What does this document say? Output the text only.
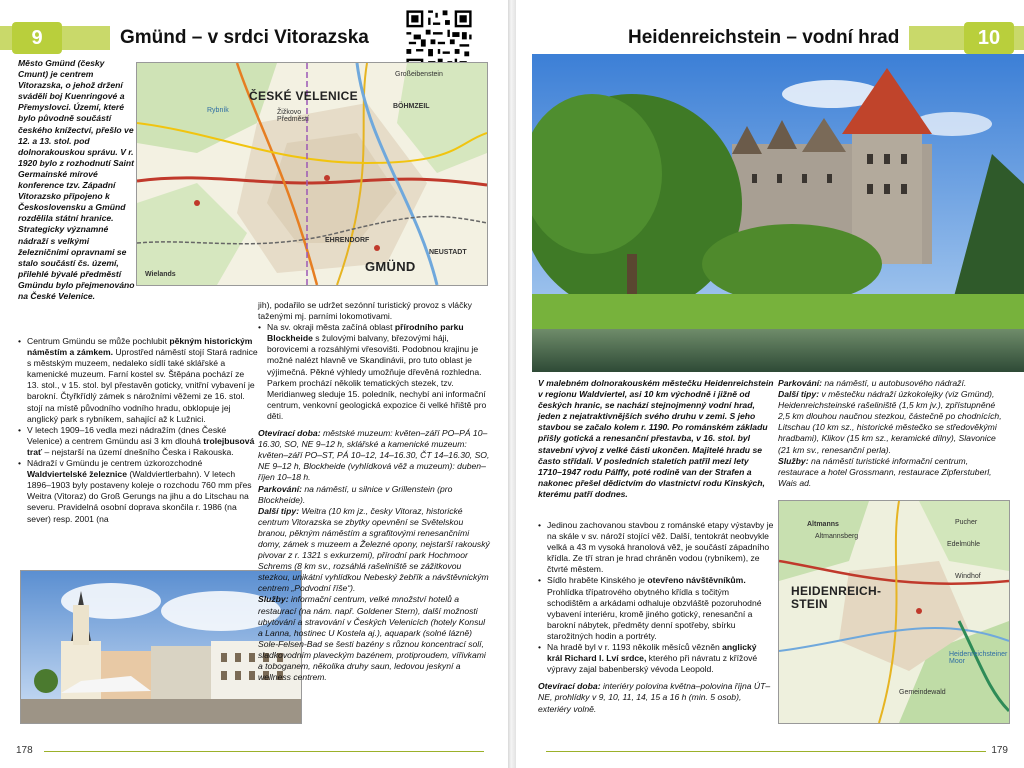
9	Gmünd – v srdci Vitorazska

Město Gmünd (česky Cmunt) je centrem Vitorazska, o jehož držení sváděli boj Kuenringové a Přemyslovci. Území, které bylo původně součástí českého knížectví, přešlo ve 12. a 13. stol. pod dolnorakouskou správu. V r. 1920 bylo z rozhodnutí Saint Germainské mírové konference tzv. Západní Vitorazsko připojeno k Československu a Gmünd rozdělila státní hranice. Strategicky významné nádraží s velkými železničními opravnami se stalo součástí čs. území, přilehlé bývalé předměstí Gmündu bylo přejmenováno na České Velenice.

ČESKÉ VELENICE
GMÜND
Žižkovo Předměstí
Großeibenstein
BÖHMZEIL
EHRENDORF
NEUSTADT
Wielands
Rybník

• Centrum Gmündu se může pochlubit pěkným historickým náměstím a zámkem. Uprostřed náměstí stojí Stará radnice s městským muzeem, nedaleko sídlí také sklářské a kamenické muzeum. Farní kostel sv. Štěpána pochází ze 13. stol., v 15. stol. byl přestavěn goticky, vnitřní vybavení je barokní. Čtyřkřídlý zámek s nárožními věžemi ze 16. stol. stojí na místě původního vodního hradu, obklopuje jej anglický park s rybníkem, sahající až k Lužnici.

• V letech 1909–16 vedla mezi nádražím (dnes České Velenice) a centrem Gmündu asi 3 km dlouhá trolejbusová trať – nejstarší na území dnešního Česka i Rakouska.

• Nádraží v Gmündu je centrem úzkorozchodné Waldviertelské železnice (Waldviertlerbahn). V letech 1896–1903 byly postaveny koleje o rozchodu 760 mm přes Weitra (Vitoraz) do Groß Gerungs na jihu a do Litschau na severu. Pravidelná osobní doprava skončila r. 1986 (na sever) resp. 2001 (na

jih), podařilo se udržet sezónní turistický provoz s vláčky taženými mj. parními lokomotivami.

• Na sv. okraji města začíná oblast přírodního parku Blockheide s žulovými balvany, březovými háji, borovicemi a rozsáhlými vřesovišti. Podobnou krajinu je možné nalézt hlavně ve Skandinávii, pro tuto oblast je výjimečná. Pěkné výhledy umožňuje dřevěná rozhledna. Parkem prochází několik tematických stezek, tzv. Meridianweg sleduje 15. poledník, nechybí ani informační centrum, venkovní geologická expozice či velké hřiště pro děti.

Otevírací doba: městské muzeum: květen–září PO–PÁ 10–16.30, SO, NE 9–12 h, sklářské a kamenické muzeum: květen–září PO–ST, PÁ 10–12, 14–16.30, ČT 14–16.30, SO, NE 9–12 h, Blockheide (vyhlídková věž a muzeum): duben–říjen 10–18 h.

Parkování: na náměstí, u silnice v Grillenstein (pro Blockheide).

Další tipy: Weitra (10 km jz., česky Vitoraz, historické centrum Vitorazska se zbytky opevnění se Světelskou branou, pěkným náměstím a sgrafitovými renesančními domy, zámek s muzeem a Železné opony, nejstarší rakouský pivovar z r. 1321 s exkurzemi), přírodní park Hochmoor Schrems (8 km sv., rozsáhlá rašeliniště se zážitkovou stezkou, unikátní vyhlídkou Nebeský žebřík a návštěvnickým centrem „Podvodní říše“).

Služby: informační centrum, velké množství hotelů a restaurací (na nám. např. Goldener Stern), další možnosti ubytování a stravování v Českých Velenicích (hotely Konsul a Lanna, hostinec U Kostela aj.), aquapark (solné lázně) Sole-Felsen-Bad se šesti bazény s různou koncentrací solí, sladkovodním plaveckým bazénem, protiproudem, vířivkami a toboganem, několika druhy saun, ledovou jeskyní a wellness centrem.

178
Heidenreichstein – vodní hrad	10

V malebném dolnorakouském městečku Heidenreichstein v regionu Waldviertel, asi 10 km východně i jižně od českých hranic, se nachází stejnojmenný vodní hrad, jeden z nejatraktivnějších svého druhu v zemi. S jeho stavbou se začalo kolem r. 1190. Po románském základu přišly gotická a renesanční přestavba, v 16. stol. byl stavební vývoj z velké části ukončen. Majitelé hradu se často střídali. V posledních staletích patřil mezi lety 1710–1947 rodu Pálffy, poté rodině van der Strafen a nakonec přešel dědictvím do vlastnictví rodu Kinských, kterému patří dodnes.

• Jedinou zachovanou stavbou z románské etapy výstavby je na skále v sv. nároží stojící věž. Další, tentokrát neobvykle velká a 43 m vysoká hranolová věž, je součástí západního křídla. Ze tří stran je hrad chráněn vodou (rybníkem), ze čtvrté městem.

• Sídlo hraběte Kinského je otevřeno návštěvníkům. Prohlídka třípatrového obytného křídla s točitým schodištěm a arkádami odhaluje obzvláště pozoruhodné vybavení interiéru, kromě jiného gotický, renesanční a barokní nábytek, předměty denní spotřeby, sbírku starožitných hodin a portréty.

• Na hradě byl v r. 1193 několik měsíců vězněn anglický král Richard I. Lví srdce, kterého při návratu z křížové výpravy zajal babenberský vévoda Leopold.

Otevírací doba: interiéry polovina května–polovina října ÚT–NE, prohlídky v 9, 10, 11, 14, 15 a 16 h (min. 5 osob), exteriéry volně.

Parkování: na náměstí, u autobusového nádraží.

Další tipy: v městečku nádraží úzkokolejky (viz Gmünd), Heidenreichsteinské rašeliniště (1,5 km jv.), zpřístupněné 2,5 km dlouhou naučnou stezkou, částečně po chodnících, Litschau (10 km sz., historické městečko se středověkými hradbami), Klikov (15 km sz., keramické dílny), Slavonice (21 km sv., renesanční perla).

Služby: na náměstí turistické informační centrum, restaurace a hotel Grossmann, restaurace Zipferstuberl, Wais ad.

HEIDENREICH-STEIN
Altmanns
Altmannsberg
Edelmühle
Windhof
Pucher
Gemeindewald
Heidenreichsteiner Moor
179
